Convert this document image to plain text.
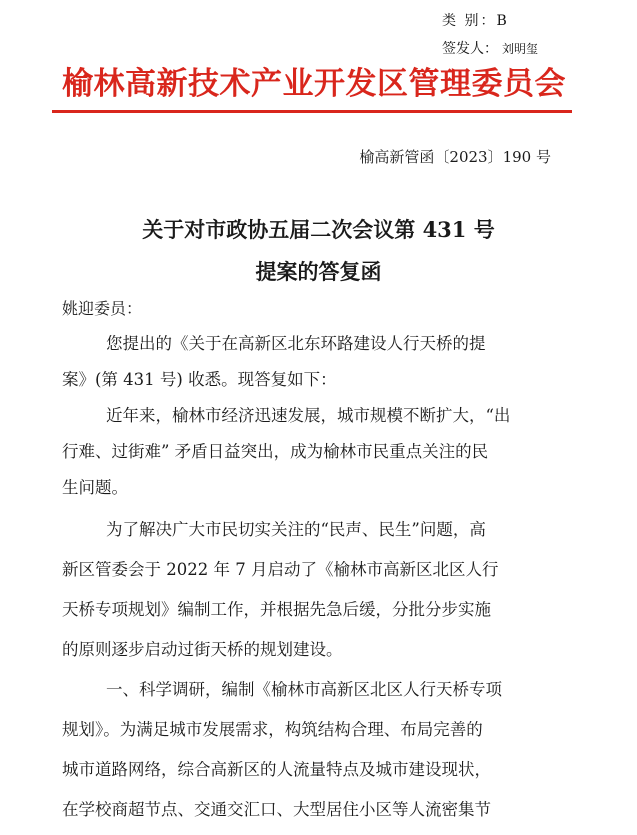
类 别：B
签发人： 刘明玺
榆林高新技术产业开发区管理委员会
榆高新管函〔2023〕190 号
关于对市政协五届二次会议第 431 号
提案的答复函
姚迎委员：
您提出的《关于在高新区北东环路建设人行天桥的提
案》(第 431 号) 收悉。现答复如下：
近年来，榆林市经济迅速发展，城市规模不断扩大，“出
行难、过街难” 矛盾日益突出，成为榆林市民重点关注的民
生问题。
为了解决广大市民切实关注的“民声、民生”问题，高
新区管委会于 2022 年 7 月启动了《榆林市高新区北区人行
天桥专项规划》编制工作，并根据先急后缓，分批分步实施
的原则逐步启动过街天桥的规划建设。
一、科学调研，编制《榆林市高新区北区人行天桥专项
规划》。为满足城市发展需求，构筑结构合理、布局完善的
城市道路网络，综合高新区的人流量特点及城市建设现状，
在学校商超节点、交通交汇口、大型居住小区等人流密集节
